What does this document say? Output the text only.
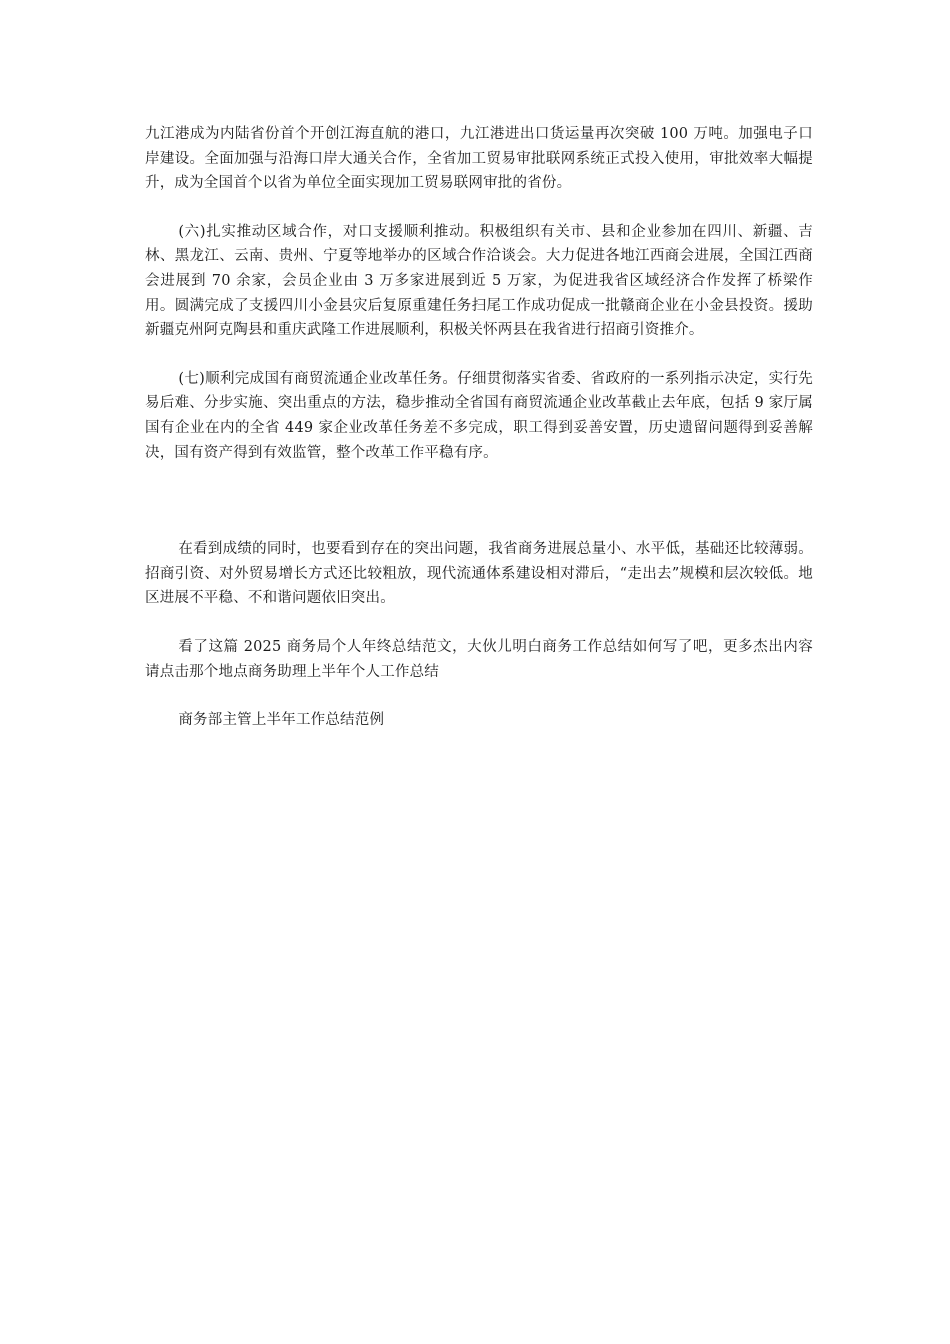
九江港成为内陆省份首个开创江海直航的港口，九江港进出口货运量再次突破 100 万吨。加强电子口岸建设。全面加强与沿海口岸大通关合作，全省加工贸易审批联网系统正式投入使用，审批效率大幅提升，成为全国首个以省为单位全面实现加工贸易联网审批的省份。

(六)扎实推动区域合作，对口支援顺利推动。积极组织有关市、县和企业参加在四川、新疆、吉林、黑龙江、云南、贵州、宁夏等地举办的区域合作洽谈会。大力促进各地江西商会进展，全国江西商会进展到 70 余家，会员企业由 3 万多家进展到近 5 万家，为促进我省区域经济合作发挥了桥梁作用。圆满完成了支援四川小金县灾后复原重建任务扫尾工作成功促成一批赣商企业在小金县投资。援助新疆克州阿克陶县和重庆武隆工作进展顺利，积极关怀两县在我省进行招商引资推介。

(七)顺利完成国有商贸流通企业改革任务。仔细贯彻落实省委、省政府的一系列指示决定，实行先易后难、分步实施、突出重点的方法，稳步推动全省国有商贸流通企业改革截止去年底，包括 9 家厅属国有企业在内的全省 449 家企业改革任务差不多完成，职工得到妥善安置，历史遗留问题得到妥善解决，国有资产得到有效监管，整个改革工作平稳有序。

在看到成绩的同时，也要看到存在的突出问题，我省商务进展总量小、水平低，基础还比较薄弱。招商引资、对外贸易增长方式还比较粗放，现代流通体系建设相对滞后，“走出去”规模和层次较低。地区进展不平稳、不和谐问题依旧突出。

看了这篇 2025 商务局个人年终总结范文，大伙儿明白商务工作总结如何写了吧，更多杰出内容请点击那个地点商务助理上半年个人工作总结

商务部主管上半年工作总结范例
